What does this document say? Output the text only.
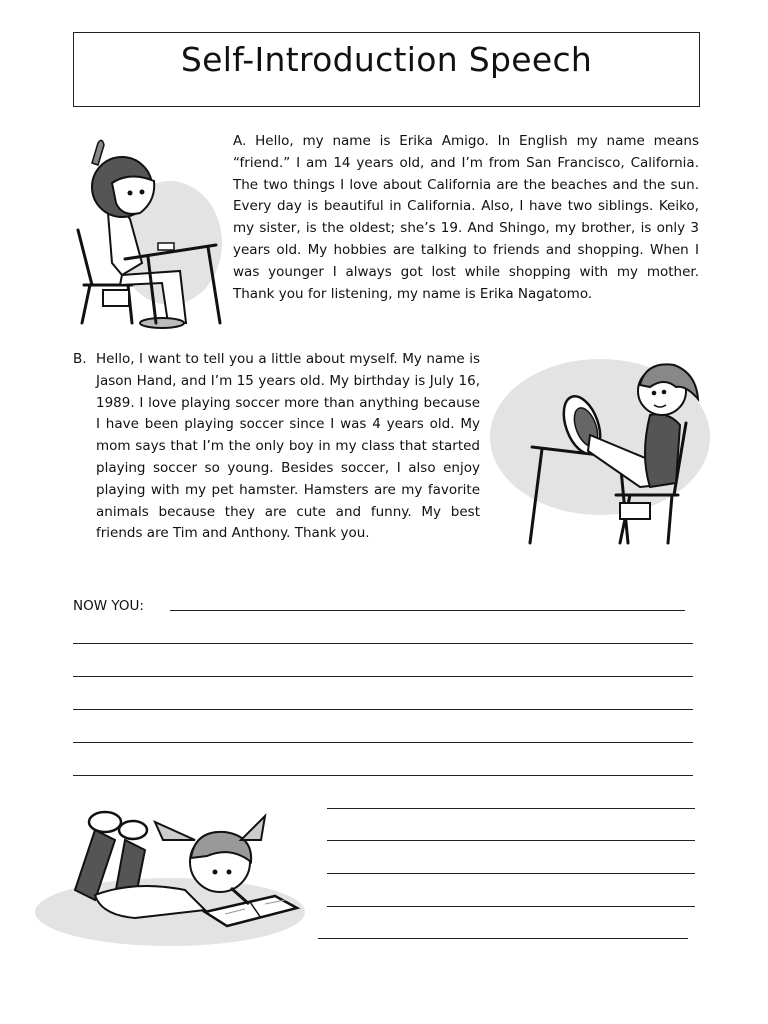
Self-Introduction Speech

A. Hello, my name is Erika Amigo. In English my name means “friend.” I am 14 years old, and I’m from San Francisco, California. The two things I love about California are the beaches and the sun. Every day is beautiful in California. Also, I have two siblings. Keiko, my sister, is the oldest; she’s 19. And Shingo, my brother, is only 3 years old. My hobbies are talking to friends and shopping. When I was younger I always got lost while shopping with my mother. Thank you for listening, my name is Erika Nagatomo.

B. Hello, I want to tell you a little about myself. My name is Jason Hand, and I’m 15 years old. My birthday is July 16, 1989. I love playing soccer more than anything because I have been playing soccer since I was 4 years old. My mom says that I’m the only boy in my class that started playing soccer so young. Besides soccer, I also enjoy playing with my pet hamster. Hamsters are my favorite animals because they are cute and funny. My best friends are Tim and Anthony. Thank you.

NOW YOU:
